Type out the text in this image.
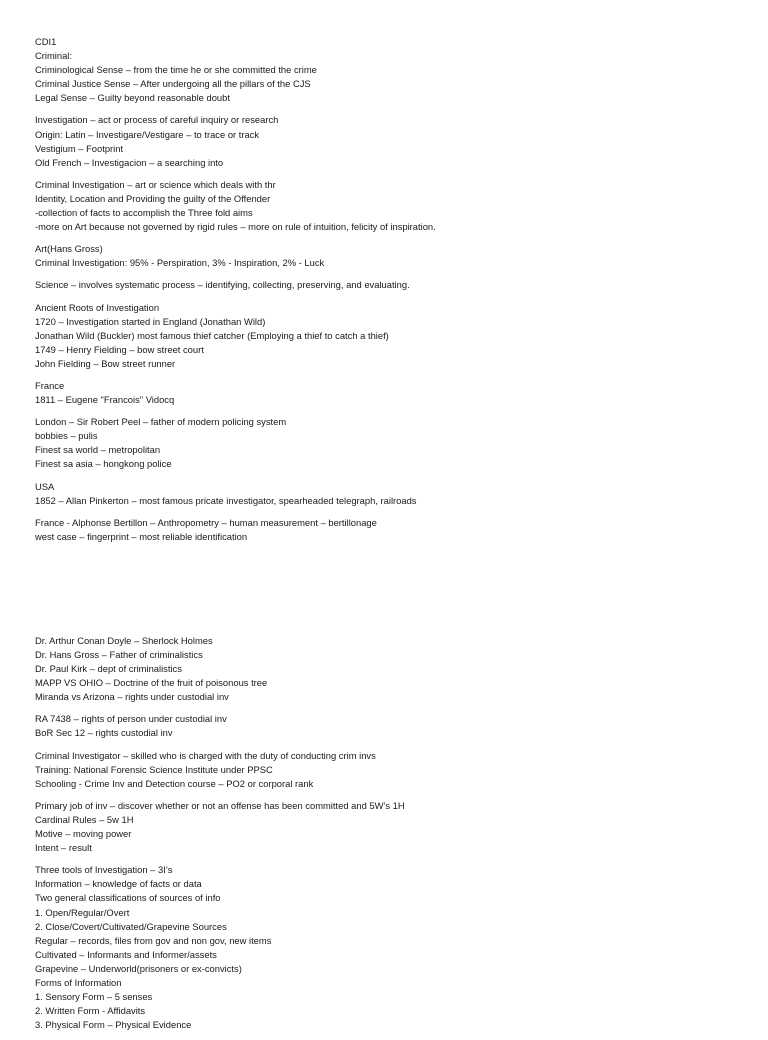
CDI1
Criminal:
Criminological Sense – from the time he or she committed the crime
Criminal Justice Sense – After undergoing all the pillars of the CJS
Legal Sense – Guilty beyond reasonable doubt
Investigation – act or process of careful inquiry or research
Origin: Latin – Investigare/Vestigare – to trace or track
Vestigium – Footprint
Old French – Investigacion – a searching into
Criminal Investigation – art or science which deals with thr
Identity, Location and Providing the guilty of the Offender
-collection of facts to accomplish the Three fold aims
-more on Art because not governed by rigid rules – more on rule of intuition, felicity of inspiration.
Art(Hans Gross)
Criminal Investigation: 95% - Perspiration, 3% - Inspiration, 2% - Luck
Science – involves systematic process – identifying, collecting, preserving, and evaluating.
Ancient Roots of Investigation
1720 – Investigation started in England (Jonathan Wild)
Jonathan Wild (Buckler) most famous thief catcher (Employing a thief to catch a thief)
1749 – Henry Fielding – bow street court
John Fielding – Bow street runner
France
1811 – Eugene "Francois" Vidocq
London – Sir Robert Peel – father of modern policing system
bobbies – pulis
Finest sa world – metropolitan
Finest sa asia – hongkong police
USA
1852 – Allan Pinkerton – most famous pricate investigator, spearheaded telegraph, railroads
France - Alphonse Bertillon – Anthropometry – human measurement – bertillonage
west case – fingerprint – most reliable identification
Dr. Arthur Conan Doyle – Sherlock Holmes
Dr. Hans Gross – Father of criminalistics
Dr. Paul Kirk – dept of criminalistics
MAPP VS OHIO – Doctrine of the fruit of poisonous tree
Miranda vs Arizona – rights under custodial inv
RA 7438 – rights of person under custodial inv
BoR Sec 12 – rights custodial inv
Criminal Investigator – skilled who is charged with the duty of conducting crim invs
Training: National Forensic Science Institute under PPSC
Schooling - Crime Inv and Detection course – PO2 or corporal rank
Primary job of inv – discover whether or not an offense has been committed and 5W’s 1H
Cardinal Rules – 5w 1H
Motive – moving power
Intent – result
Three tools of Investigation – 3I’s
Information – knowledge of facts or data
Two general classifications of sources of info
1. Open/Regular/Overt
2. Close/Covert/Cultivated/Grapevine Sources
Regular – records, files from gov and non gov, new items
Cultivated – Informants and Informer/assets
Grapevine – Underworld(prisoners or ex-convicts)
Forms of Information
1. Sensory Form – 5 senses
2. Written Form - Affidavits
3. Physical Form – Physical Evidence
